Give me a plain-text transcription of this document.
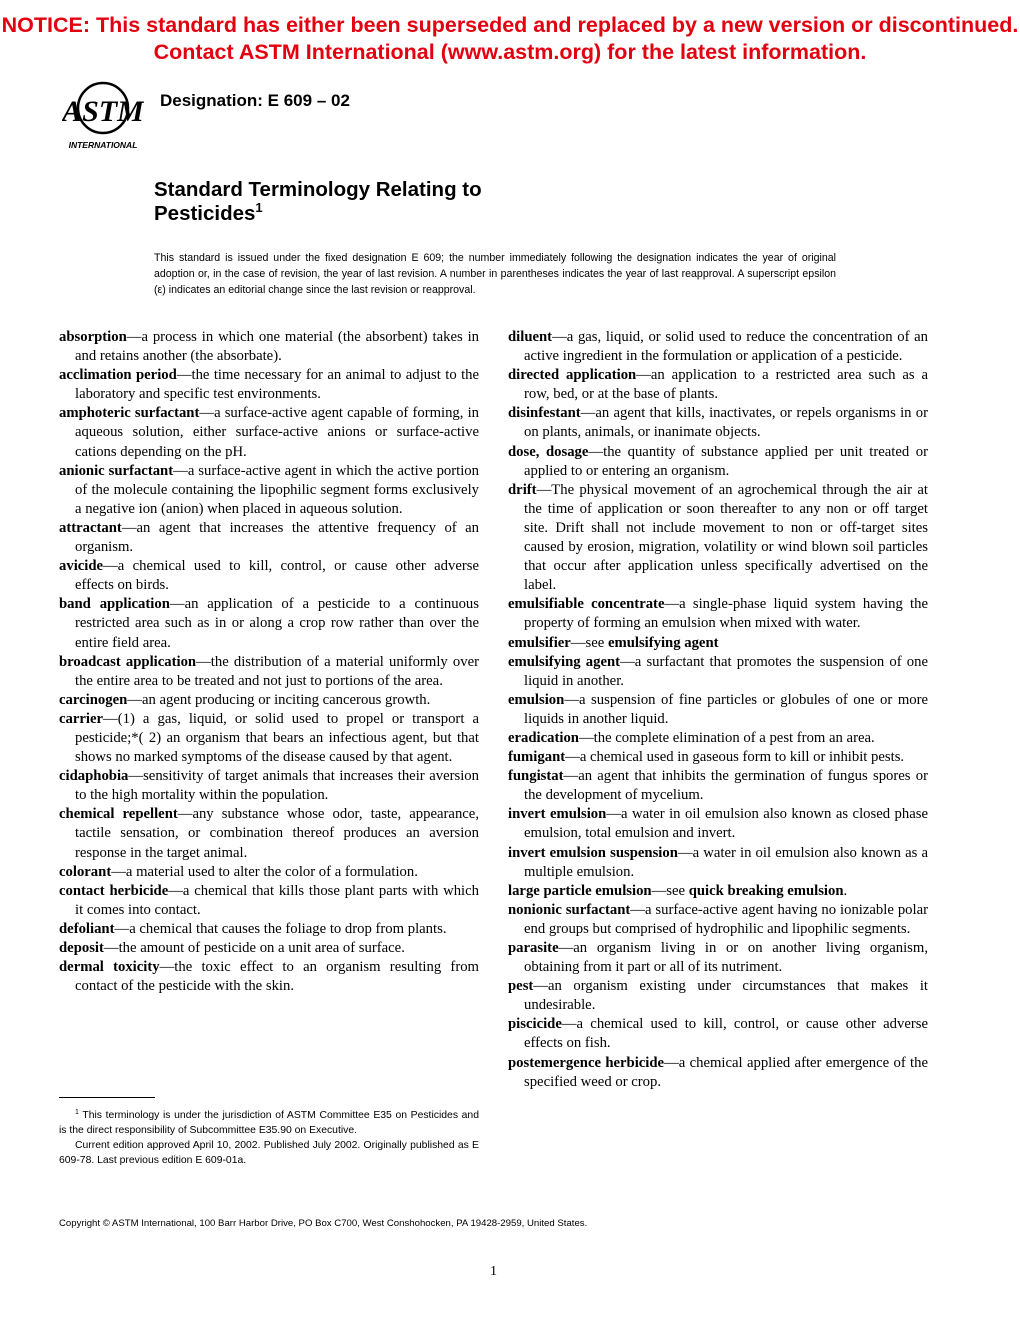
NOTICE: This standard has either been superseded and replaced by a new version or discontinued.
Contact ASTM International (www.astm.org) for the latest information.
ASTM
INTERNATIONAL
Designation: E 609 – 02
Standard Terminology Relating to
Pesticides$^1$

This standard is issued under the fixed designation E 609; the number immediately following the designation indicates the year of original adoption or, in the case of revision, the year of last revision. A number in parentheses indicates the year of last reapproval. A superscript epsilon (ε) indicates an editorial change since the last revision or reapproval.

absorption—a process in which one material (the absorbent) takes in and retains another (the absorbate).

acclimation period—the time necessary for an animal to adjust to the laboratory and specific test environments.

amphoteric surfactant—a surface-active agent capable of forming, in aqueous solution, either surface-active anions or surface-active cations depending on the pH.

anionic surfactant—a surface-active agent in which the active portion of the molecule containing the lipophilic segment forms exclusively a negative ion (anion) when placed in aqueous solution.

attractant—an agent that increases the attentive frequency of an organism.

avicide—a chemical used to kill, control, or cause other adverse effects on birds.

band application—an application of a pesticide to a continuous restricted area such as in or along a crop row rather than over the entire field area.

broadcast application—the distribution of a material uniformly over the entire area to be treated and not just to portions of the area.

carcinogen—an agent producing or inciting cancerous growth.

carrier—(1) a gas, liquid, or solid used to propel or transport a pesticide;*( 2) an organism that bears an infectious agent, but that shows no marked symptoms of the disease caused by that agent.

cidaphobia—sensitivity of target animals that increases their aversion to the high mortality within the population.

chemical repellent—any substance whose odor, taste, appearance, tactile sensation, or combination thereof produces an aversion response in the target animal.

colorant—a material used to alter the color of a formulation.

contact herbicide—a chemical that kills those plant parts with which it comes into contact.

defoliant—a chemical that causes the foliage to drop from plants.

deposit—the amount of pesticide on a unit area of surface.

dermal toxicity—the toxic effect to an organism resulting from contact of the pesticide with the skin.

diluent—a gas, liquid, or solid used to reduce the concentration of an active ingredient in the formulation or application of a pesticide.

directed application—an application to a restricted area such as a row, bed, or at the base of plants.

disinfestant—an agent that kills, inactivates, or repels organisms in or on plants, animals, or inanimate objects.

dose, dosage—the quantity of substance applied per unit treated or applied to or entering an organism.

drift—The physical movement of an agrochemical through the air at the time of application or soon thereafter to any non or off target site. Drift shall not include movement to non or off-target sites caused by erosion, migration, volatility or wind blown soil particles that occur after application unless specifically advertised on the label.

emulsifiable concentrate—a single-phase liquid system having the property of forming an emulsion when mixed with water.

emulsifier—see emulsifying agent

emulsifying agent—a surfactant that promotes the suspension of one liquid in another.

emulsion—a suspension of fine particles or globules of one or more liquids in another liquid.

eradication—the complete elimination of a pest from an area.

fumigant—a chemical used in gaseous form to kill or inhibit pests.

fungistat—an agent that inhibits the germination of fungus spores or the development of mycelium.

invert emulsion—a water in oil emulsion also known as closed phase emulsion, total emulsion and invert.

invert emulsion suspension—a water in oil emulsion also known as a multiple emulsion.

large particle emulsion—see quick breaking emulsion.

nonionic surfactant—a surface-active agent having no ionizable polar end groups but comprised of hydrophilic and lipophilic segments.

parasite—an organism living in or on another living organism, obtaining from it part or all of its nutriment.

pest—an organism existing under circumstances that makes it undesirable.

piscicide—a chemical used to kill, control, or cause other adverse effects on fish.

postemergence herbicide—a chemical applied after emergence of the specified weed or crop.

$^1$ This terminology is under the jurisdiction of ASTM Committee E35 on Pesticides and is the direct responsibility of Subcommittee E35.90 on Executive.

Current edition approved April 10, 2002. Published July 2002. Originally published as E 609-78. Last previous edition E 609-01a.

Copyright © ASTM International, 100 Barr Harbor Drive, PO Box C700, West Conshohocken, PA 19428-2959, United States.
1
